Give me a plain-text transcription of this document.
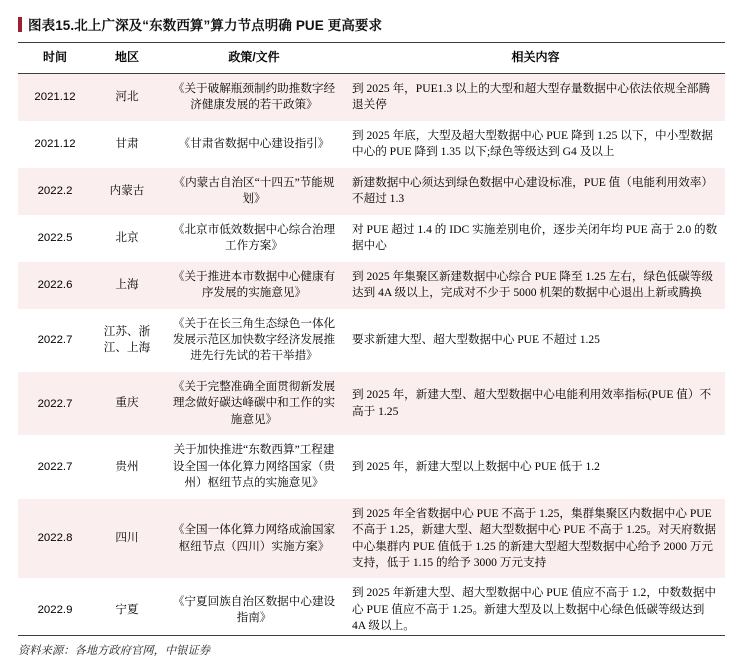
图表15.北上广深及“东数西算”算力节点明确 PUE 更高要求
时间	地区	政策/文件	相关内容
2021.12	河北	《关于破解瓶颈制约助推数字经济健康发展的若干政策》	到 2025 年，PUE1.3 以上的大型和超大型存量数据中心依法依规全部腾退关停
2021.12	甘肃	《甘肃省数据中心建设指引》	到 2025 年底，大型及超大型数据中心 PUE 降到 1.25 以下，中小型数据中心的 PUE 降到 1.35 以下;绿色等级达到 G4 及以上
2022.2	内蒙古	《内蒙古自治区“十四五”节能规划》	新建数据中心须达到绿色数据中心建设标准，PUE 值（电能利用效率）不超过 1.3
2022.5	北京	《北京市低效数据中心综合治理工作方案》	对 PUE 超过 1.4 的 IDC 实施差别电价，逐步关闭年均 PUE 高于 2.0 的数据中心
2022.6	上海	《关于推进本市数据中心健康有序发展的实施意见》	到 2025 年集聚区新建数据中心综合 PUE 降至 1.25 左右，绿色低碳等级达到 4A 级以上，完成对不少于 5000 机架的数据中心退出上新或腾换
2022.7	江苏、浙江、上海	《关于在长三角生态绿色一体化发展示范区加快数字经济发展推进先行先试的若干举措》	要求新建大型、超大型数据中心 PUE 不超过 1.25
2022.7	重庆	《关于完整准确全面贯彻新发展理念做好碳达峰碳中和工作的实施意见》	到 2025 年，新建大型、超大型数据中心电能利用效率指标(PUE 值）不高于 1.25
2022.7	贵州	关于加快推进“东数西算”工程建设全国一体化算力网络国家（贵州）枢纽节点的实施意见》	到 2025 年，新建大型以上数据中心 PUE 低于 1.2
2022.8	四川	《全国一体化算力网络成渝国家枢纽节点（四川）实施方案》	到 2025 年全省数据中心 PUE 不高于 1.25，集群集聚区内数据中心 PUE 不高于 1.25，新建大型、超大型数据中心 PUE 不高于 1.25。对天府数据中心集群内 PUE 值低于 1.25 的新建大型超大型数据中心给予 2000 万元支持，低于 1.15 的给予 3000 万元支持
2022.9	宁夏	《宁夏回族自治区数据中心建设指南》	到 2025 年新建大型、超大型数据中心 PUE 值应不高于 1.2，中数数据中心 PUE 值应不高于 1.25。新建大型及以上数据中心绿色低碳等级达到 4A 级以上。
资料来源：各地方政府官网，中银证券
